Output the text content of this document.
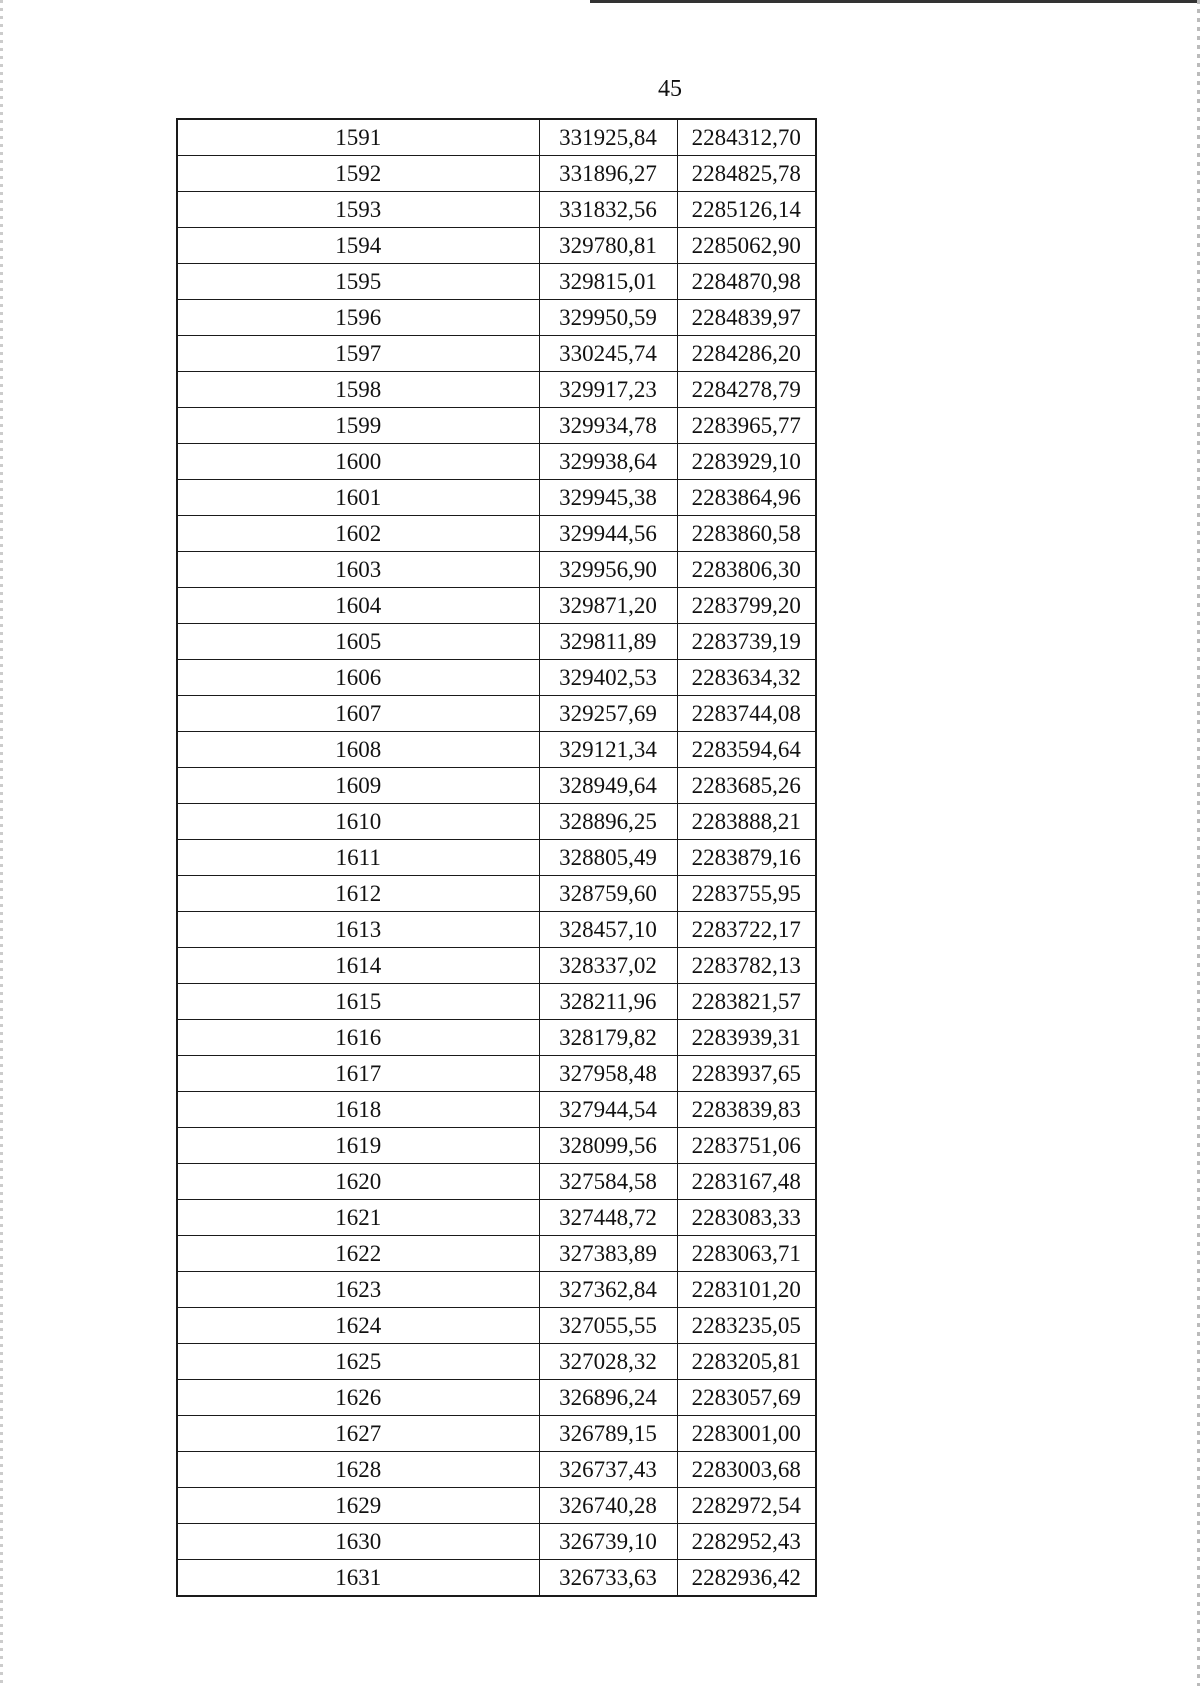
45
1591	331925,84	2284312,70
1592	331896,27	2284825,78
1593	331832,56	2285126,14
1594	329780,81	2285062,90
1595	329815,01	2284870,98
1596	329950,59	2284839,97
1597	330245,74	2284286,20
1598	329917,23	2284278,79
1599	329934,78	2283965,77
1600	329938,64	2283929,10
1601	329945,38	2283864,96
1602	329944,56	2283860,58
1603	329956,90	2283806,30
1604	329871,20	2283799,20
1605	329811,89	2283739,19
1606	329402,53	2283634,32
1607	329257,69	2283744,08
1608	329121,34	2283594,64
1609	328949,64	2283685,26
1610	328896,25	2283888,21
1611	328805,49	2283879,16
1612	328759,60	2283755,95
1613	328457,10	2283722,17
1614	328337,02	2283782,13
1615	328211,96	2283821,57
1616	328179,82	2283939,31
1617	327958,48	2283937,65
1618	327944,54	2283839,83
1619	328099,56	2283751,06
1620	327584,58	2283167,48
1621	327448,72	2283083,33
1622	327383,89	2283063,71
1623	327362,84	2283101,20
1624	327055,55	2283235,05
1625	327028,32	2283205,81
1626	326896,24	2283057,69
1627	326789,15	2283001,00
1628	326737,43	2283003,68
1629	326740,28	2282972,54
1630	326739,10	2282952,43
1631	326733,63	2282936,42
